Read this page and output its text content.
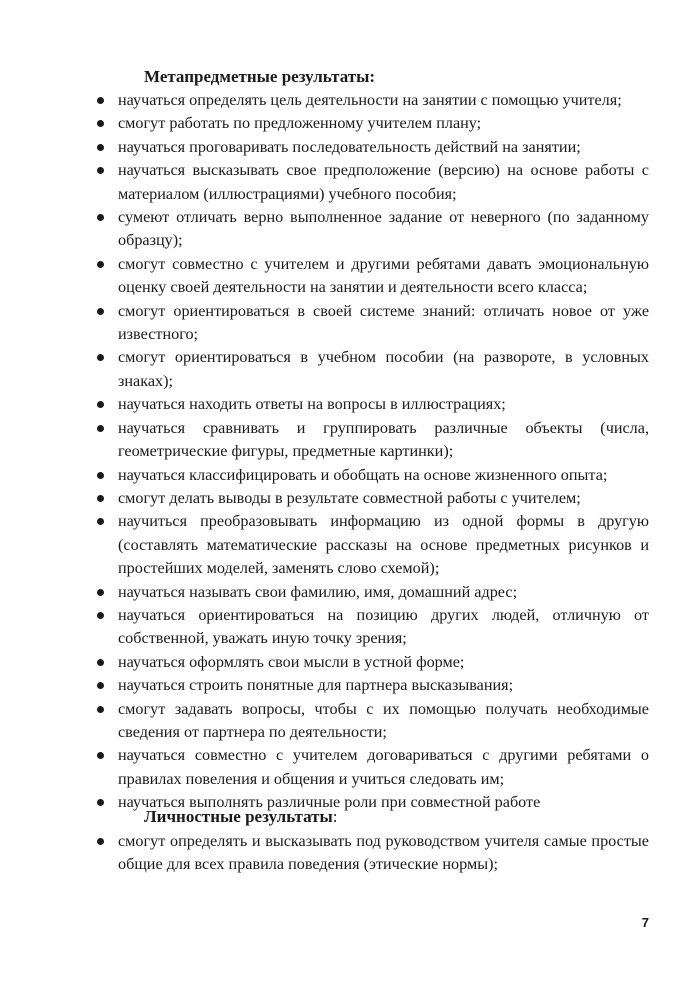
Метапредметные результаты:
научаться определять цель деятельности на занятии с помощью учителя;
смогут работать по предложенному учителем плану;
научаться проговаривать последовательность действий на занятии;
научаться высказывать свое предположение (версию) на основе работы с материалом (иллюстрациями) учебного пособия;
сумеют отличать верно выполненное задание от неверного (по заданному образцу);
смогут совместно с учителем и другими ребятами давать эмоциональную оценку своей деятельности на занятии и деятельности всего класса;
смогут ориентироваться в своей системе знаний: отличать новое от уже известного;
смогут ориентироваться в учебном пособии (на развороте, в условных знаках);
научаться находить ответы на вопросы в иллюстрациях;
научаться сравнивать и группировать различные объекты (числа, геометрические фигуры, предметные картинки);
научаться классифицировать и обобщать на основе жизненного опыта;
смогут делать выводы в результате совместной работы с учителем;
научиться преобразовывать информацию из одной формы в другую (составлять математические рассказы на основе предметных рисунков и простейших моделей, заменять слово схемой);
научаться называть свои фамилию, имя, домашний адрес;
научаться ориентироваться на позицию других людей, отличную от собственной, уважать иную точку зрения;
научаться оформлять свои мысли в устной форме;
научаться строить понятные для партнера высказывания;
смогут задавать вопросы, чтобы с их помощью получать необходимые сведения от партнера по деятельности;
научаться совместно с учителем договариваться с другими ребятами о правилах повеления и общения и учиться следовать им;
научаться выполнять различные роли при совместной работе
Личностные результаты:
смогут определять и высказывать под руководством учителя самые простые общие для всех правила поведения (этические нормы);
7
